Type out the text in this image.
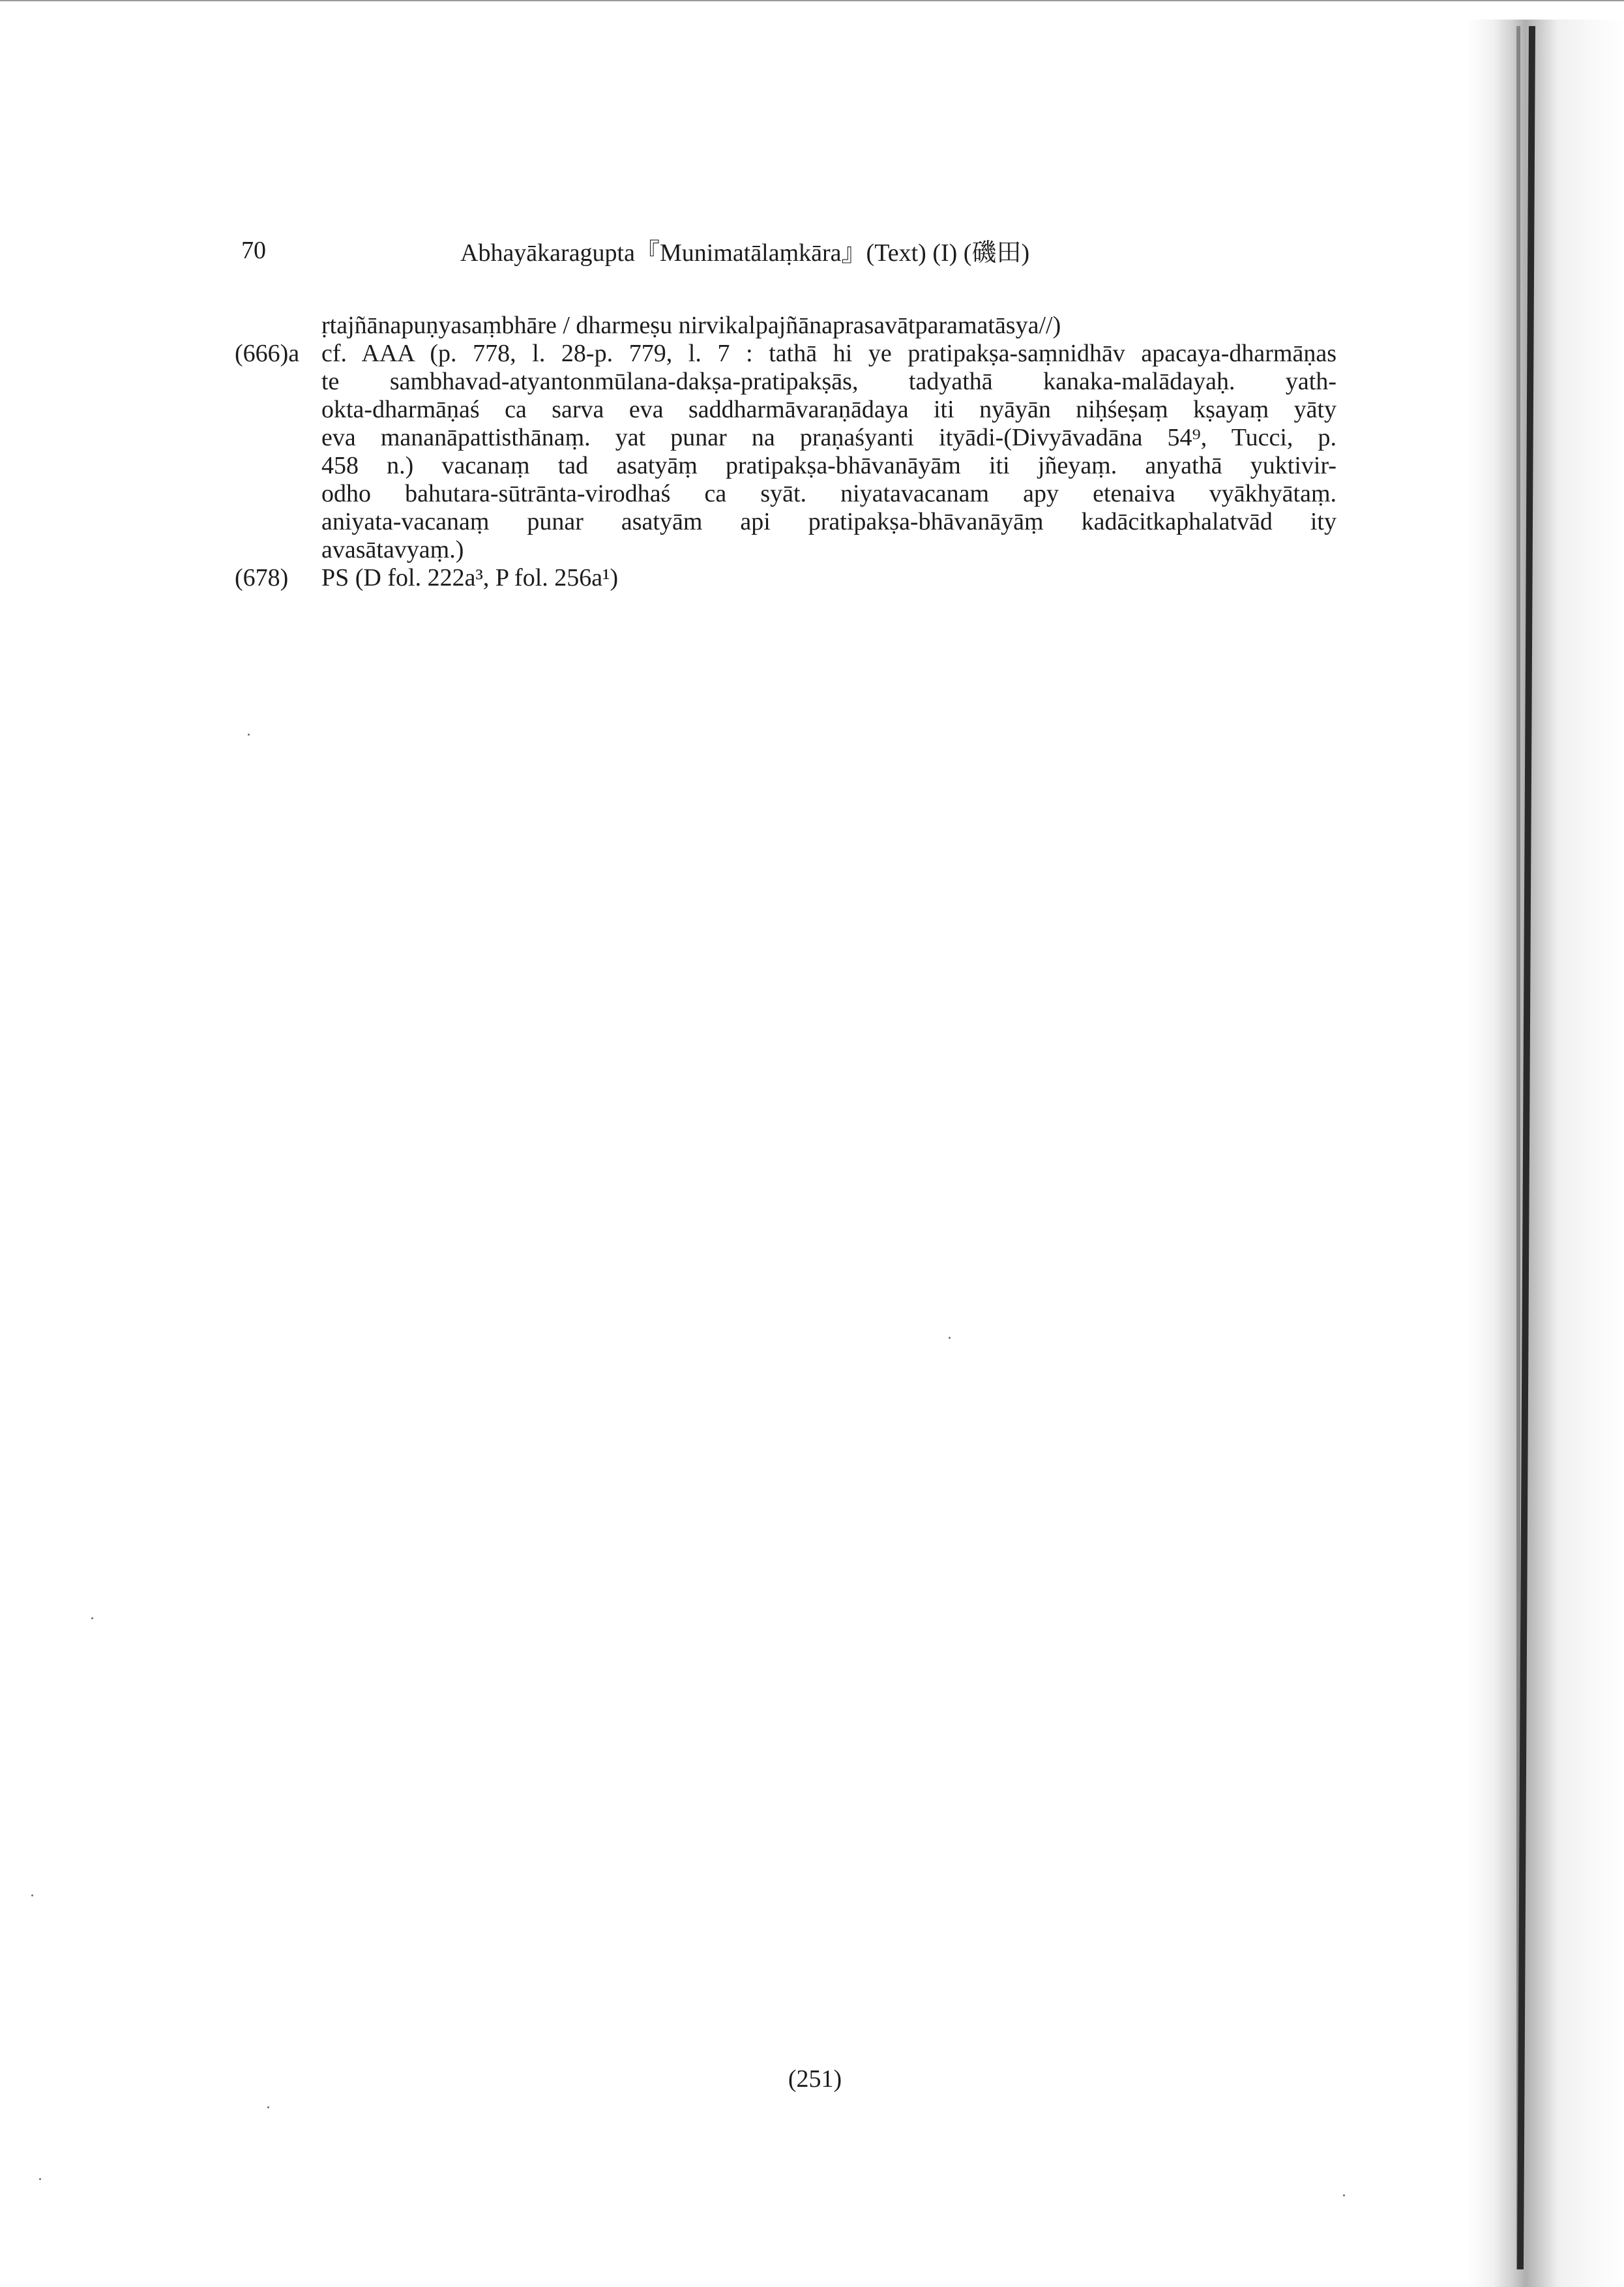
70	Abhayākaragupta『Munimatālaṃkāra』(Text) (I) (磯田)

ṛtajñānapuṇyasaṃbhāre / dharmeṣu nirvikalpajñānaprasavātparamatāsya//)

(666)a cf. AAA (p. 778, l. 28-p. 779, l. 7 : tathā hi ye pratipakṣa-saṃnidhāv apacaya-dharmāṇas
te sambhavad-atyantonmūlana-dakṣa-pratipakṣās, tadyathā kanaka-malādayaḥ. yath-
okta-dharmāṇaś ca sarva eva saddharmāvaraṇādaya iti nyāyān niḥśeṣaṃ kṣayaṃ yāty
eva mananāpattisthānaṃ. yat punar na praṇaśyanti ityādi-(Divyāvadāna 54⁹, Tucci, p.
458 n.) vacanaṃ tad asatyāṃ pratipakṣa-bhāvanāyām iti jñeyaṃ. anyathā yuktivir-
odho bahutara-sūtrānta-virodhaś ca syāt. niyatavacanam apy etenaiva vyākhyātaṃ.
aniyata-vacanaṃ punar asatyām api pratipakṣa-bhāvanāyāṃ kadācitkaphalatvād ity
avasātavyaṃ.)
(678) PS (D fol. 222a³, P fol. 256a¹)
(251)
